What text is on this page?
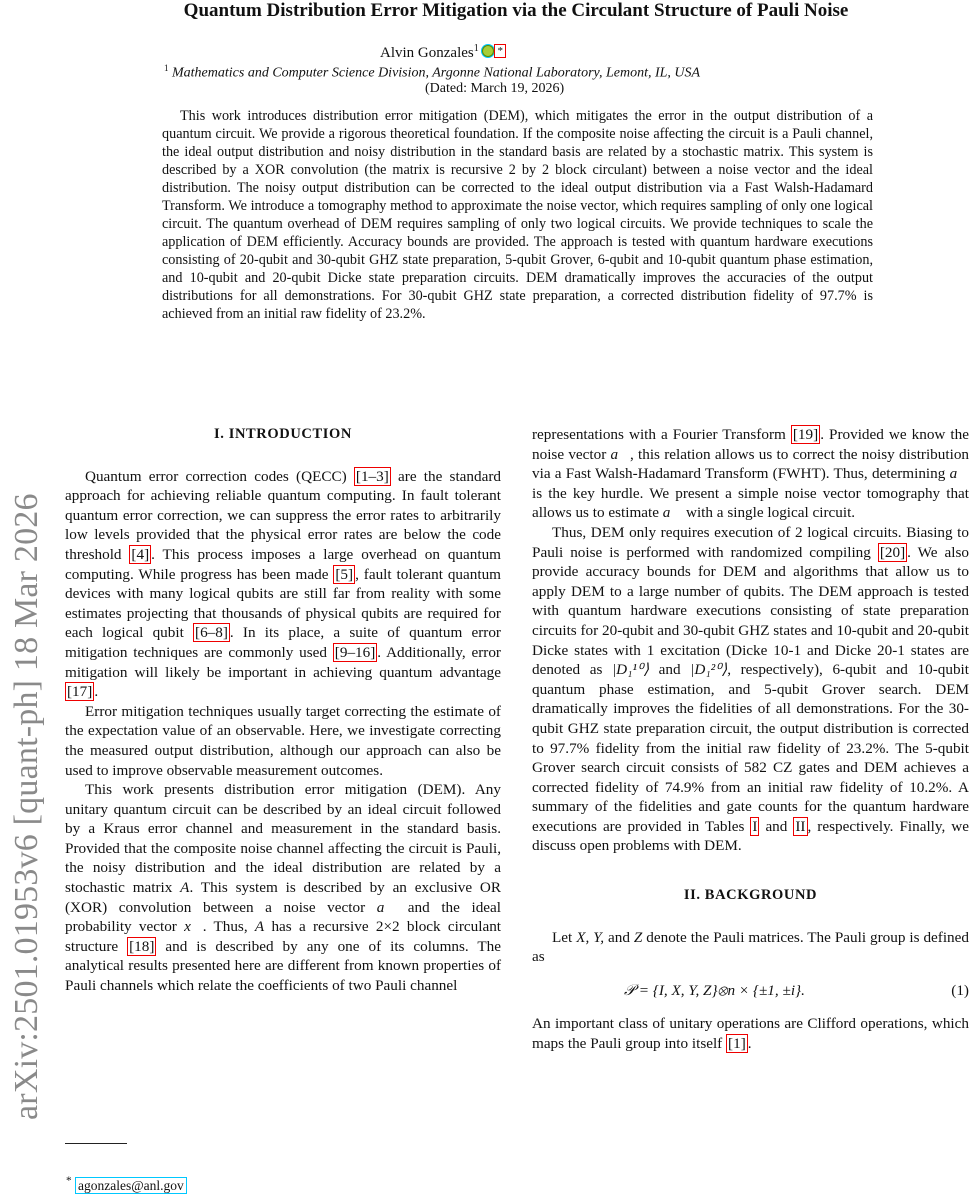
arXiv:2501.01953v6 [quant-ph] 18 Mar 2026
Quantum Distribution Error Mitigation via the Circulant Structure of Pauli Noise
Alvin Gonzales$^1$ *
$^1$ Mathematics and Computer Science Division, Argonne National Laboratory, Lemont, IL, USA
(Dated: March 19, 2026)
This work introduces distribution error mitigation (DEM), which mitigates the error in the output distribution of a quantum circuit. We provide a rigorous theoretical foundation. If the composite noise affecting the circuit is a Pauli channel, the ideal output distribution and noisy distribution in the standard basis are related by a stochastic matrix. This system is described by a XOR convolution (the matrix is recursive 2 by 2 block circulant) between a noise vector and the ideal distribution. The noisy output distribution can be corrected to the ideal output distribution via a Fast Walsh-Hadamard Transform. We introduce a tomography method to approximate the noise vector, which requires sampling of only one logical circuit. The quantum overhead of DEM requires sampling of only two logical circuits. We provide techniques to scale the application of DEM efficiently. Accuracy bounds are provided. The approach is tested with quantum hardware executions consisting of 20-qubit and 30-qubit GHZ state preparation, 5-qubit Grover, 6-qubit and 10-qubit quantum phase estimation, and 10-qubit and 20-qubit Dicke state preparation circuits. DEM dramatically improves the accuracies of the output distributions for all demonstrations. For 30-qubit GHZ state preparation, a corrected distribution fidelity of 97.7% is achieved from an initial raw fidelity of 23.2%.
I. INTRODUCTION

Quantum error correction codes (QECC) [1–3] are the standard approach for achieving reliable quantum computing. In fault tolerant quantum error correction, we can suppress the error rates to arbitrarily low levels provided that the physical error rates are below the code threshold [4] . This process imposes a large overhead on quantum computing. While progress has been made [5] , fault tolerant quantum devices with many logical qubits are still far from reality with some estimates projecting that thousands of physical qubits are required for each logical qubit [6–8] . In its place, a suite of quantum error mitigation techniques are commonly used [9–16] . Additionally, error mitigation will likely be important in achieving quantum advantage [17] .

Error mitigation techniques usually target correcting the estimate of the expectation value of an observable. Here, we investigate correcting the measured output distribution, although our approach can also be used to improve observable measurement outcomes.

This work presents distribution error mitigation (DEM). Any unitary quantum circuit can be described by an ideal circuit followed by a Kraus error channel and measurement in the standard basis. Provided that the composite noise channel affecting the circuit is Pauli, the noisy distribution and the ideal distribution are related by a stochastic matrix A. This system is described by an exclusive OR (XOR) convolution between a noise vector a⃗ and the ideal probability vector x⃗. Thus, A has a recursive 2×2 block circulant structure [18] and is described by any one of its columns. The analytical results presented here are different from known properties of Pauli channels which relate the coefficients of two Pauli channel

* agonzales@anl.gov

representations with a Fourier Transform [19] . Provided we know the noise vector a⃗, this relation allows us to correct the noisy distribution via a Fast Walsh-Hadamard Transform (FWHT). Thus, determining a⃗ is the key hurdle. We present a simple noise vector tomography that allows us to estimate a⃗ with a single logical circuit.

Thus, DEM only requires execution of 2 logical circuits. Biasing to Pauli noise is performed with randomized compiling [20] . We also provide accuracy bounds for DEM and algorithms that allow us to apply DEM to a large number of qubits. The DEM approach is tested with quantum hardware executions consisting of state preparation circuits for 20-qubit and 30-qubit GHZ states and 10-qubit and 20-qubit Dicke states with 1 excitation (Dicke 10-1 and Dicke 20-1 states are denoted as |D₁¹⁰⟩ and |D₁²⁰⟩, respectively), 6-qubit and 10-qubit quantum phase estimation, and 5-qubit Grover search. DEM dramatically improves the fidelities of all demonstrations. For the 30-qubit GHZ state preparation circuit, the output distribution is corrected to 97.7% fidelity from the initial raw fidelity of 23.2%. The 5-qubit Grover search circuit consists of 582 CZ gates and DEM achieves a corrected fidelity of 74.9% from an initial raw fidelity of 10.2%. A summary of the fidelities and gate counts for the quantum hardware executions are provided in Tables I and II , respectively. Finally, we discuss open problems with DEM.

II. BACKGROUND

Let X, Y, and Z denote the Pauli matrices. The Pauli group is defined as

𝒫 = {I, X, Y, Z}⊗n × {±1, ±i}.	(1)

An important class of unitary operations are Clifford operations, which maps the Pauli group into itself [1] .
